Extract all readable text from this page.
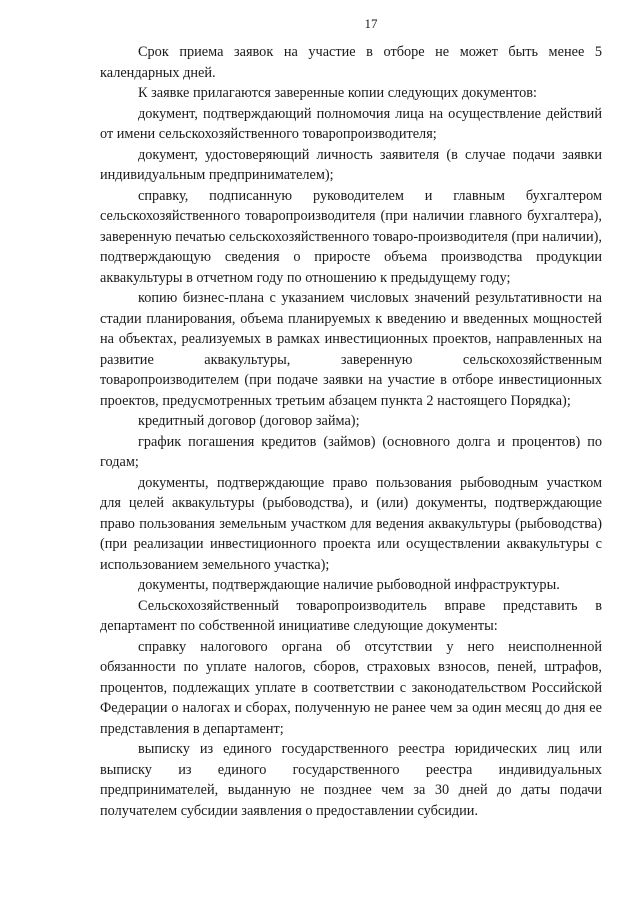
17

Срок приема заявок на участие в отборе не может быть менее 5 календарных дней.

К заявке прилагаются заверенные копии следующих документов:

документ, подтверждающий полномочия лица на осуществление действий от имени сельскохозяйственного товаропроизводителя;

документ, удостоверяющий личность заявителя (в случае подачи заявки индивидуальным предпринимателем);

справку, подписанную руководителем и главным бухгалтером сельскохозяйственного товаропроизводителя (при наличии главного бухгалтера), заверенную печатью сельскохозяйственного товаро-производителя (при наличии), подтверждающую сведения о приросте объема производства продукции аквакультуры в отчетном году по отношению к предыдущему году;

копию бизнес-плана с указанием числовых значений результативности на стадии планирования, объема планируемых к введению и введенных мощностей на объектах, реализуемых в рамках инвестиционных проектов, направленных на развитие аквакультуры, заверенную сельскохозяйственным товаропроизводителем (при подаче заявки на участие в отборе инвестиционных проектов, предусмотренных третьим абзацем пункта 2 настоящего Порядка);

кредитный договор (договор займа);

график погашения кредитов (займов) (основного долга и процентов) по годам;

документы, подтверждающие право пользования рыбоводным участком для целей аквакультуры (рыбоводства), и (или) документы, подтверждающие право пользования земельным участком для ведения аквакультуры (рыбоводства) (при реализации инвестиционного проекта или осуществлении аквакультуры с использованием земельного участка);

документы, подтверждающие наличие рыбоводной инфраструктуры.

Сельскохозяйственный товаропроизводитель вправе представить в департамент по собственной инициативе следующие документы:

справку налогового органа об отсутствии у него неисполненной обязанности по уплате налогов, сборов, страховых взносов, пеней, штрафов, процентов, подлежащих уплате в соответствии с законодательством Российской Федерации о налогах и сборах, полученную не ранее чем за один месяц до дня ее представления в департамент;

выписку из единого государственного реестра юридических лиц или выписку из единого государственного реестра индивидуальных предпринимателей, выданную не позднее чем за 30 дней до даты подачи получателем субсидии заявления о предоставлении субсидии.
